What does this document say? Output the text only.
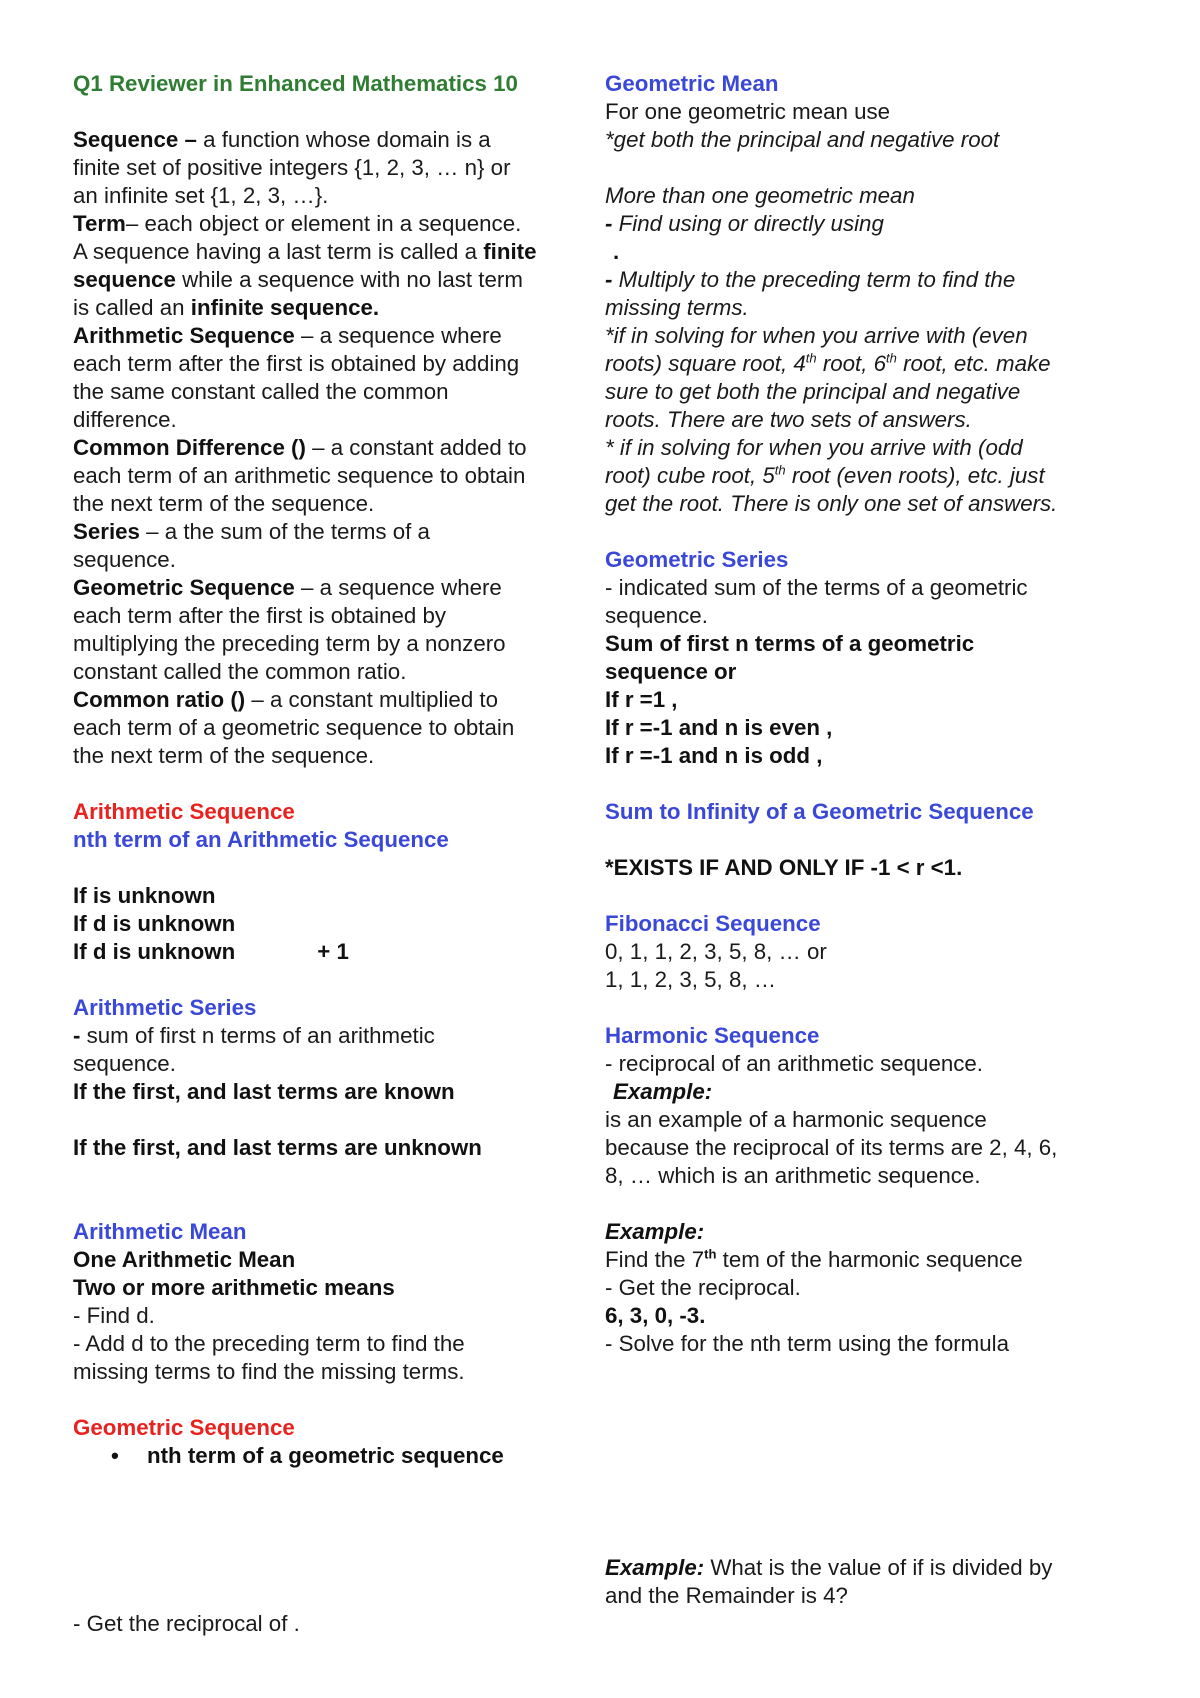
Q1 Reviewer in Enhanced Mathematics 10
Sequence – a function whose domain is a
finite set of positive integers {1, 2, 3, … n} or
an infinite set {1, 2, 3, …}.
Term– each object or element in a sequence.
A sequence having a last term is called a finite
sequence while a sequence with no last term
is called an infinite sequence.
Arithmetic Sequence – a sequence where
each term after the first is obtained by adding
the same constant called the common
difference.
Common Difference () – a constant added to
each term of an arithmetic sequence to obtain
the next term of the sequence.
Series – a the sum of the terms of a
sequence.
Geometric Sequence – a sequence where
each term after the first is obtained by
multiplying the preceding term by a nonzero
constant called the common ratio.
Common ratio () – a constant multiplied to
each term of a geometric sequence to obtain
the next term of the sequence.
Arithmetic Sequence
nth term of an Arithmetic Sequence
If is unknown
If d is unknown
If d is unknown	+ 1
Arithmetic Series
- sum of first n terms of an arithmetic
sequence.
If the first, and last terms are known
If the first, and last terms are unknown
Arithmetic Mean
One Arithmetic Mean
Two or more arithmetic means
- Find d.
- Add d to the preceding term to find the
missing terms to find the missing terms.
Geometric Sequence
• nth term of a geometric sequence
- Get the reciprocal of .
Geometric Mean
For one geometric mean use
*get both the principal and negative root
More than one geometric mean
- Find using or directly using
.
- Multiply to the preceding term to find the
missing terms.
*if in solving for when you arrive with (even
roots) square root, 4th root, 6th root, etc. make
sure to get both the principal and negative
roots. There are two sets of answers.
* if in solving for when you arrive with (odd
root) cube root, 5th root (even roots), etc. just
get the root. There is only one set of answers.
Geometric Series
- indicated sum of the terms of a geometric
sequence.
Sum of first n terms of a geometric
sequence or
If r =1 ,
If r =-1 and n is even ,
If r =-1 and n is odd ,
Sum to Infinity of a Geometric Sequence
*EXISTS IF AND ONLY IF -1 < r <1.
Fibonacci Sequence
0, 1, 1, 2, 3, 5, 8, … or
1, 1, 2, 3, 5, 8, …
Harmonic Sequence
- reciprocal of an arithmetic sequence.
Example:
is an example of a harmonic sequence
because the reciprocal of its terms are 2, 4, 6,
8, … which is an arithmetic sequence.
Example:
Find the 7th tem of the harmonic sequence
- Get the reciprocal.
6, 3, 0, -3.
- Solve for the nth term using the formula
Example: What is the value of if is divided by
and the Remainder is 4?
